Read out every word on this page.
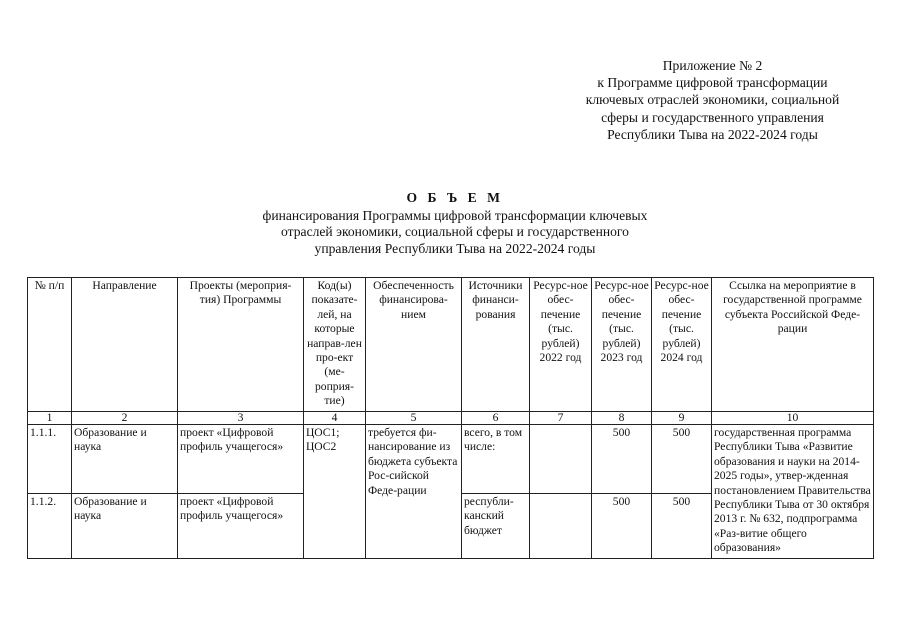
Приложение № 2
к Программе цифровой трансформации
ключевых отраслей экономики, социальной
сферы и государственного управления
Республики Тыва на 2022-2024 годы
О Б Ъ Е М
финансирования Программы цифровой трансформации ключевых
отраслей экономики, социальной сферы и государственного
управления Республики Тыва на 2022-2024 годы
№ п/п	Направление	Проекты (мероприя-тия) Программы	Код(ы) показате-лей, на которые направ-лен про-ект (ме-роприя-тие)	Обеспеченность финансирова-нием	Источники финанси-рования	Ресурс-ное обес-печение (тыс. рублей) 2022 год	Ресурс-ное обес-печение (тыс. рублей) 2023 год	Ресурс-ное обес-печение (тыс. рублей) 2024 год	Ссылка на мероприятие в государственной программе субъекта Российской Феде-рации
1	2	3	4	5	6	7	8	9	10
1.1.1.	Образование и наука	проект «Цифровой профиль учащегося»	ЦОС1; ЦОС2	требуется фи-нансирование из бюджета субъекта Рос-сийской Феде-рации	всего, в том числе:		500	500	государственная программа Республики Тыва «Развитие образования и науки на 2014-2025 годы», утвер-жденная постановлением Правительства Республики Тыва от 30 октября 2013 г. № 632, подпрограмма «Раз-витие общего образования»
1.1.2.	Образование и наука	проект «Цифровой профиль учащегося»			республи-канский бюджет		500	500	
